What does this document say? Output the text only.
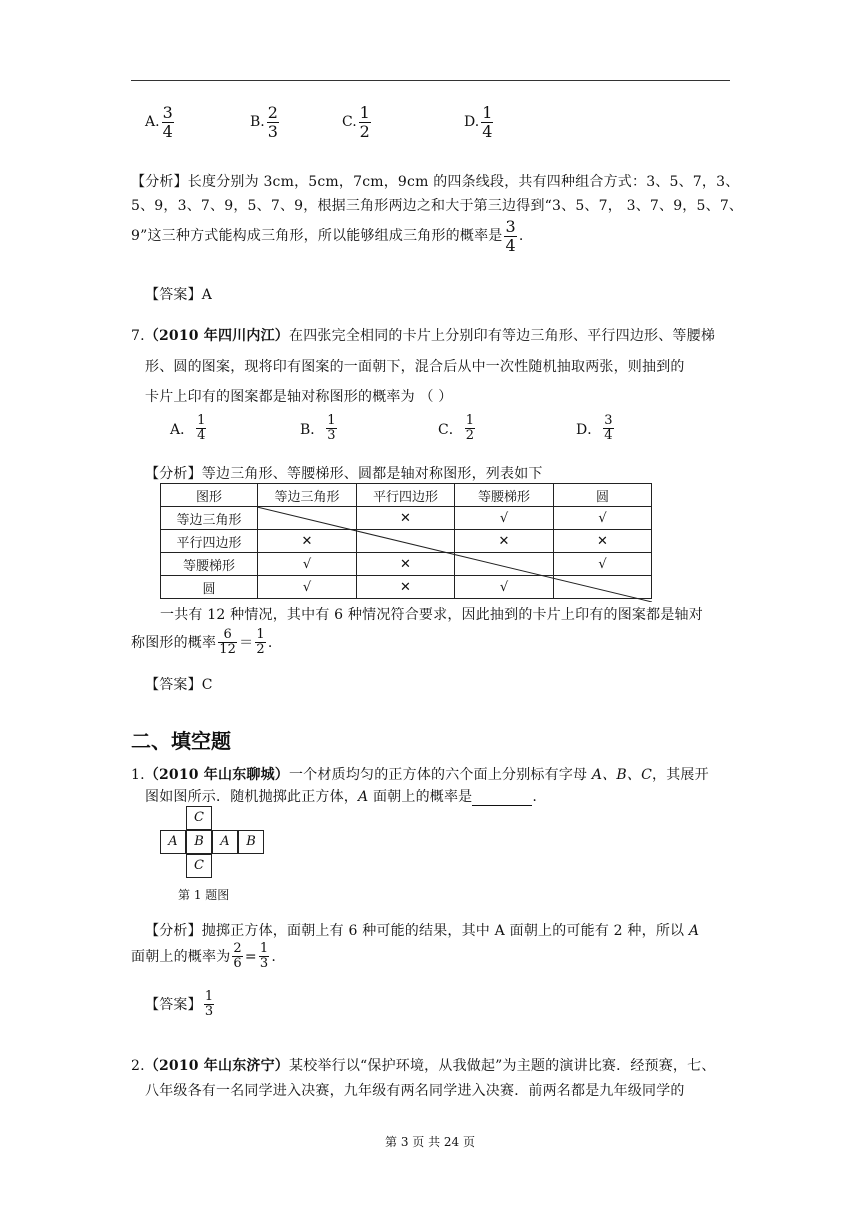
A. $\frac{3}{4}$	B. $\frac{2}{3}$	C. $\frac{1}{2}$	D. $\frac{1}{4}$
【分析】长度分别为 3cm，5cm，7cm，9cm 的四条线段，共有四种组合方式：3、5、7，3、
5、9，3、7、9，5、7、9，根据三角形两边之和大于第三边得到“3、5、7， 3、7、9，5、7、
9”这三种方式能构成三角形，所以能够组成三角形的概率是 $\frac{3}{4}$ .
【答案】A
7.（2010 年四川内江）在四张完全相同的卡片上分别印有等边三角形、平行四边形、等腰梯
形、圆的图案，现将印有图案的一面朝下，混合后从中一次性随机抽取两张，则抽到的
卡片上印有的图案都是轴对称图形的概率为 （ ）
A． $\frac{1}{4}$	B． $\frac{1}{3}$	C． $\frac{1}{2}$	D． $\frac{3}{4}$
【分析】等边三角形、等腰梯形、圆都是轴对称图形，列表如下
图形	等边三角形	平行四边形	等腰梯形	圆
等边三角形		✕	√	√
平行四边形	✕		✕	✕
等腰梯形	√	✕		√
圆	√	✕	√	
一共有 12 种情况，其中有 6 种情况符合要求，因此抽到的卡片上印有的图案都是轴对
称图形的概率 $\frac{6}{12} = \frac{1}{2}$ .
【答案】C
二、填空题
1.（2010 年山东聊城）一个材质均匀的正方体的六个面上分别标有字母 A、B、C，其展开
图如图所示．随机抛掷此正方体，A 面朝上的概率是	.
C
A	B	A	B
C
第 1 题图
【分析】抛掷正方体，面朝上有 6 种可能的结果，其中 A 面朝上的可能有 2 种，所以 A
面朝上的概率为 $\frac{2}{6} = \frac{1}{3}$ .
【答案】 $\frac{1}{3}$
2.（2010 年山东济宁）某校举行以“保护环境，从我做起”为主题的演讲比赛．经预赛，七、
八年级各有一名同学进入决赛，九年级有两名同学进入决赛．前两名都是九年级同学的
第 3 页 共 24 页
